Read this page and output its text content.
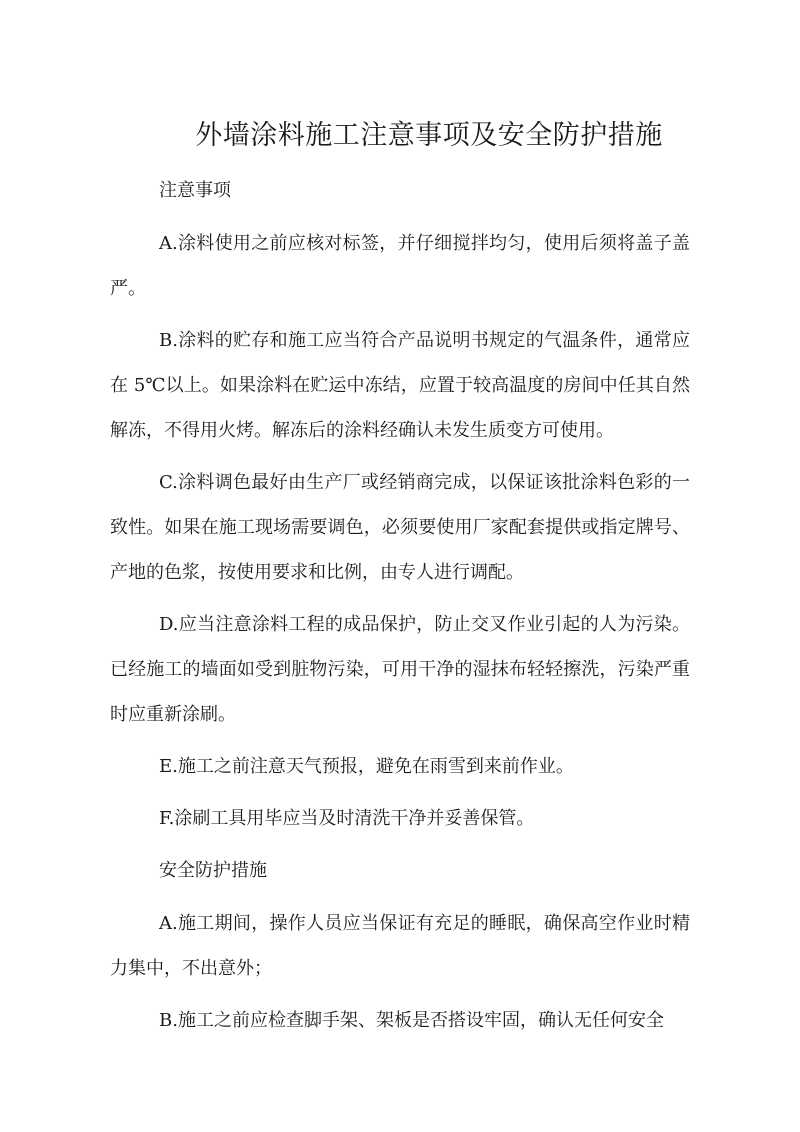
外墙涂料施工注意事项及安全防护措施

注意事项

A.涂料使用之前应核对标签，并仔细搅拌均匀，使用后须将盖子盖严。

B.涂料的贮存和施工应当符合产品说明书规定的气温条件，通常应在 5℃以上。如果涂料在贮运中冻结，应置于较高温度的房间中任其自然解冻，不得用火烤。解冻后的涂料经确认未发生质变方可使用。

C.涂料调色最好由生产厂或经销商完成，以保证该批涂料色彩的一致性。如果在施工现场需要调色，必须要使用厂家配套提供或指定牌号、产地的色浆，按使用要求和比例，由专人进行调配。

D.应当注意涂料工程的成品保护，防止交叉作业引起的人为污染。已经施工的墙面如受到脏物污染，可用干净的湿抹布轻轻擦洗，污染严重时应重新涂刷。

E.施工之前注意天气预报，避免在雨雪到来前作业。

F.涂刷工具用毕应当及时清洗干净并妥善保管。

安全防护措施

A.施工期间，操作人员应当保证有充足的睡眠，确保高空作业时精力集中，不出意外；

B.施工之前应检查脚手架、架板是否搭设牢固，确认无任何安全
